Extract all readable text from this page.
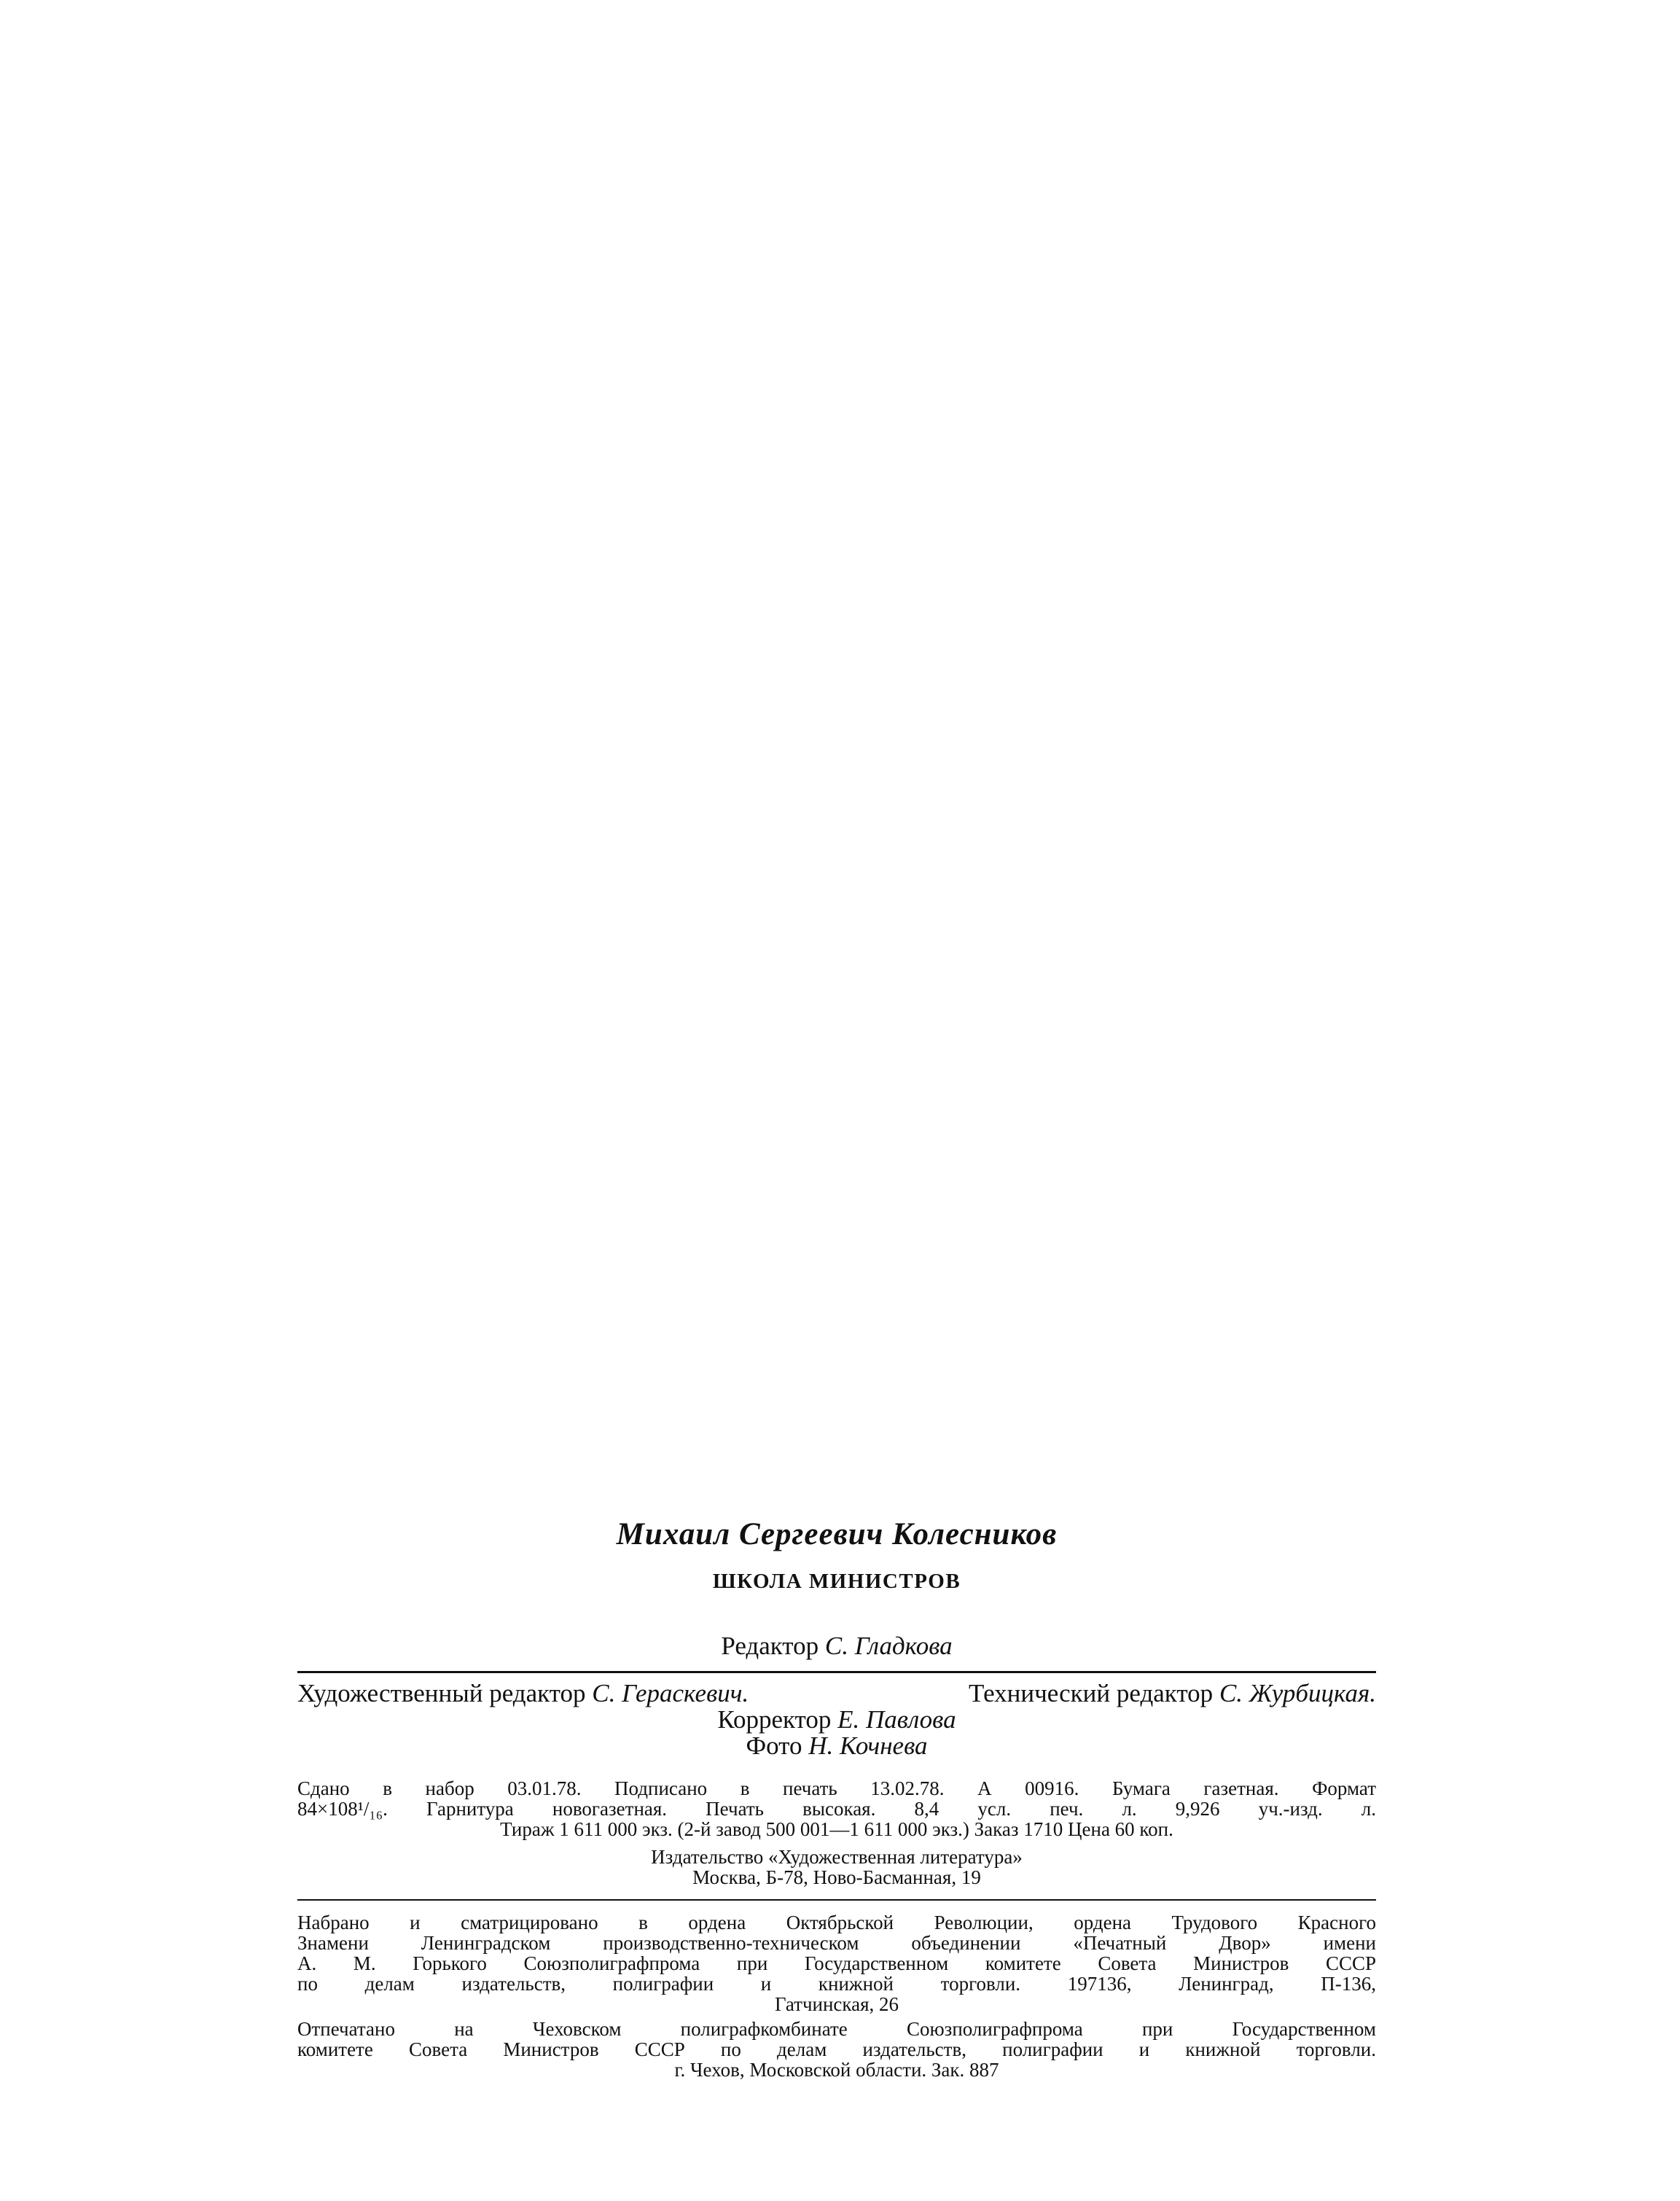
Михаил Сергеевич Колесников
ШКОЛА МИНИСТРОВ
Редактор С. Гладкова
Художественный редактор С. Гераскевич.	Технический редактор С. Журбицкая.
Корректор Е. Павлова
Фото Н. Кочнева
Сдано в набор 03.01.78. Подписано в печать 13.02.78. А 00916. Бумага газетная. Формат
84×108¹/₁₆. Гарнитура новогазетная. Печать высокая. 8,4 усл. печ. л. 9,926 уч.-изд. л.
Тираж 1 611 000 экз. (2-й завод 500 001—1 611 000 экз.) Заказ 1710 Цена 60 коп.
Издательство «Художественная литература»
Москва, Б-78, Ново-Басманная, 19
Набрано и сматрицировано в ордена Октябрьской Революции, ордена Трудового Красного
Знамени Ленинградском производственно-техническом объединении «Печатный Двор» имени
А. М. Горького Союзполиграфпрома при Государственном комитете Совета Министров СССР
по делам издательств, полиграфии и книжной торговли. 197136, Ленинград, П-136,
Гатчинская, 26
Отпечатано на Чеховском полиграфкомбинате Союзполиграфпрома при Государственном
комитете Совета Министров СССР по делам издательств, полиграфии и книжной торговли.
г. Чехов, Московской области. Зак. 887
